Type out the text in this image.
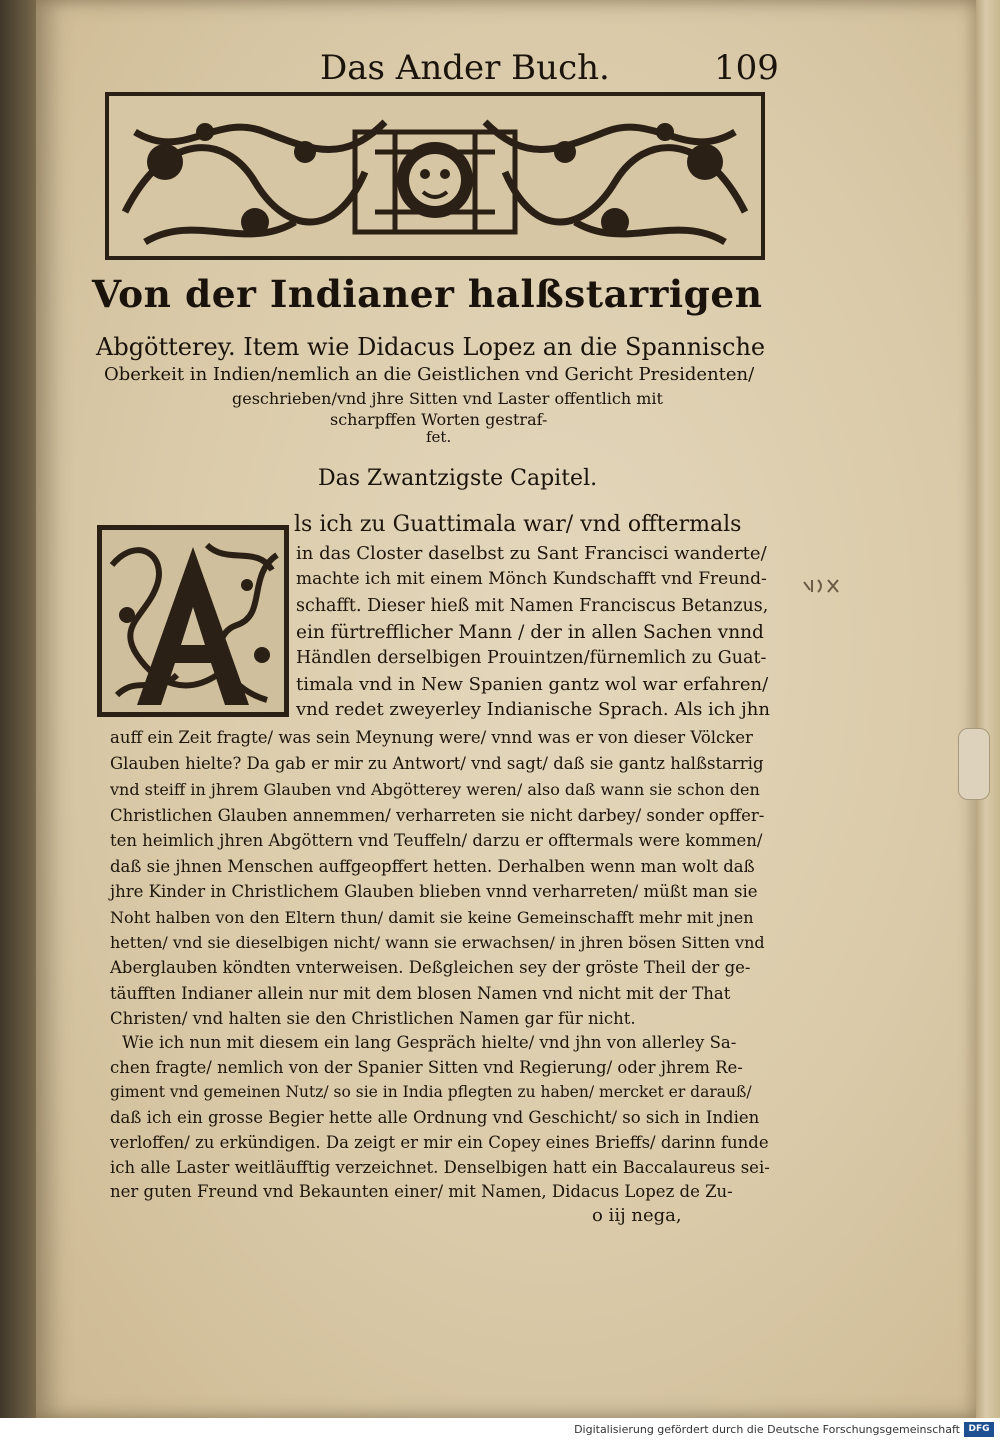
Das Ander Buch.	109
Von der Indianer halßstarrigen
Abgötterey. Item wie Didacus Lopez an die Spannische
Oberkeit in Indien/nemlich an die Geistlichen vnd Gericht Presidenten/
geschrieben/vnd jhre Sitten vnd Laster offentlich mit
scharpffen Worten gestraf-
fet.
Das Zwantzigste Capitel.
ls ich zu Guattimala war/ vnd offtermals
in das Closter daselbst zu Sant Francisci wanderte/
machte ich mit einem Mönch Kundschafft vnd Freund-
schafft. Dieser hieß mit Namen Franciscus Betanzus,
ein fürtrefflicher Mann / der in allen Sachen vnnd
Händlen derselbigen Prouintzen/fürnemlich zu Guat-
timala vnd in New Spanien gantz wol war erfahren/
vnd redet zweyerley Indianische Sprach. Als ich jhn
auff ein Zeit fragte/ was sein Meynung were/ vnnd was er von dieser Völcker
Glauben hielte? Da gab er mir zu Antwort/ vnd sagt/ daß sie gantz halßstarrig
vnd steiff in jhrem Glauben vnd Abgötterey weren/ also daß wann sie schon den
Christlichen Glauben annemmen/ verharreten sie nicht darbey/ sonder opffer-
ten heimlich jhren Abgöttern vnd Teuffeln/ darzu er offtermals were kommen/
daß sie jhnen Menschen auffgeopffert hetten. Derhalben wenn man wolt daß
jhre Kinder in Christlichem Glauben blieben vnnd verharreten/ müßt man sie
Noht halben von den Eltern thun/ damit sie keine Gemeinschafft mehr mit jnen
hetten/ vnd sie dieselbigen nicht/ wann sie erwachsen/ in jhren bösen Sitten vnd
Aberglauben köndten vnterweisen. Deßgleichen sey der gröste Theil der ge-
täufften Indianer allein nur mit dem blosen Namen vnd nicht mit der That
Christen/ vnd halten sie den Christlichen Namen gar für nicht.
Wie ich nun mit diesem ein lang Gespräch hielte/ vnd jhn von allerley Sa-
chen fragte/ nemlich von der Spanier Sitten vnd Regierung/ oder jhrem Re-
giment vnd gemeinen Nutz/ so sie in India pflegten zu haben/ mercket er darauß/
daß ich ein grosse Begier hette alle Ordnung vnd Geschicht/ so sich in Indien
verloffen/ zu erkündigen. Da zeigt er mir ein Copey eines Brieffs/ darinn funde
ich alle Laster weitläufftig verzeichnet. Denselbigen hatt ein Baccalaureus sei-
ner guten Freund vnd Bekaunten einer/ mit Namen, Didacus Lopez de Zu-
o iij nega,
Digitalisierung gefördert durch die Deutsche Forschungsgemeinschaft DFG
